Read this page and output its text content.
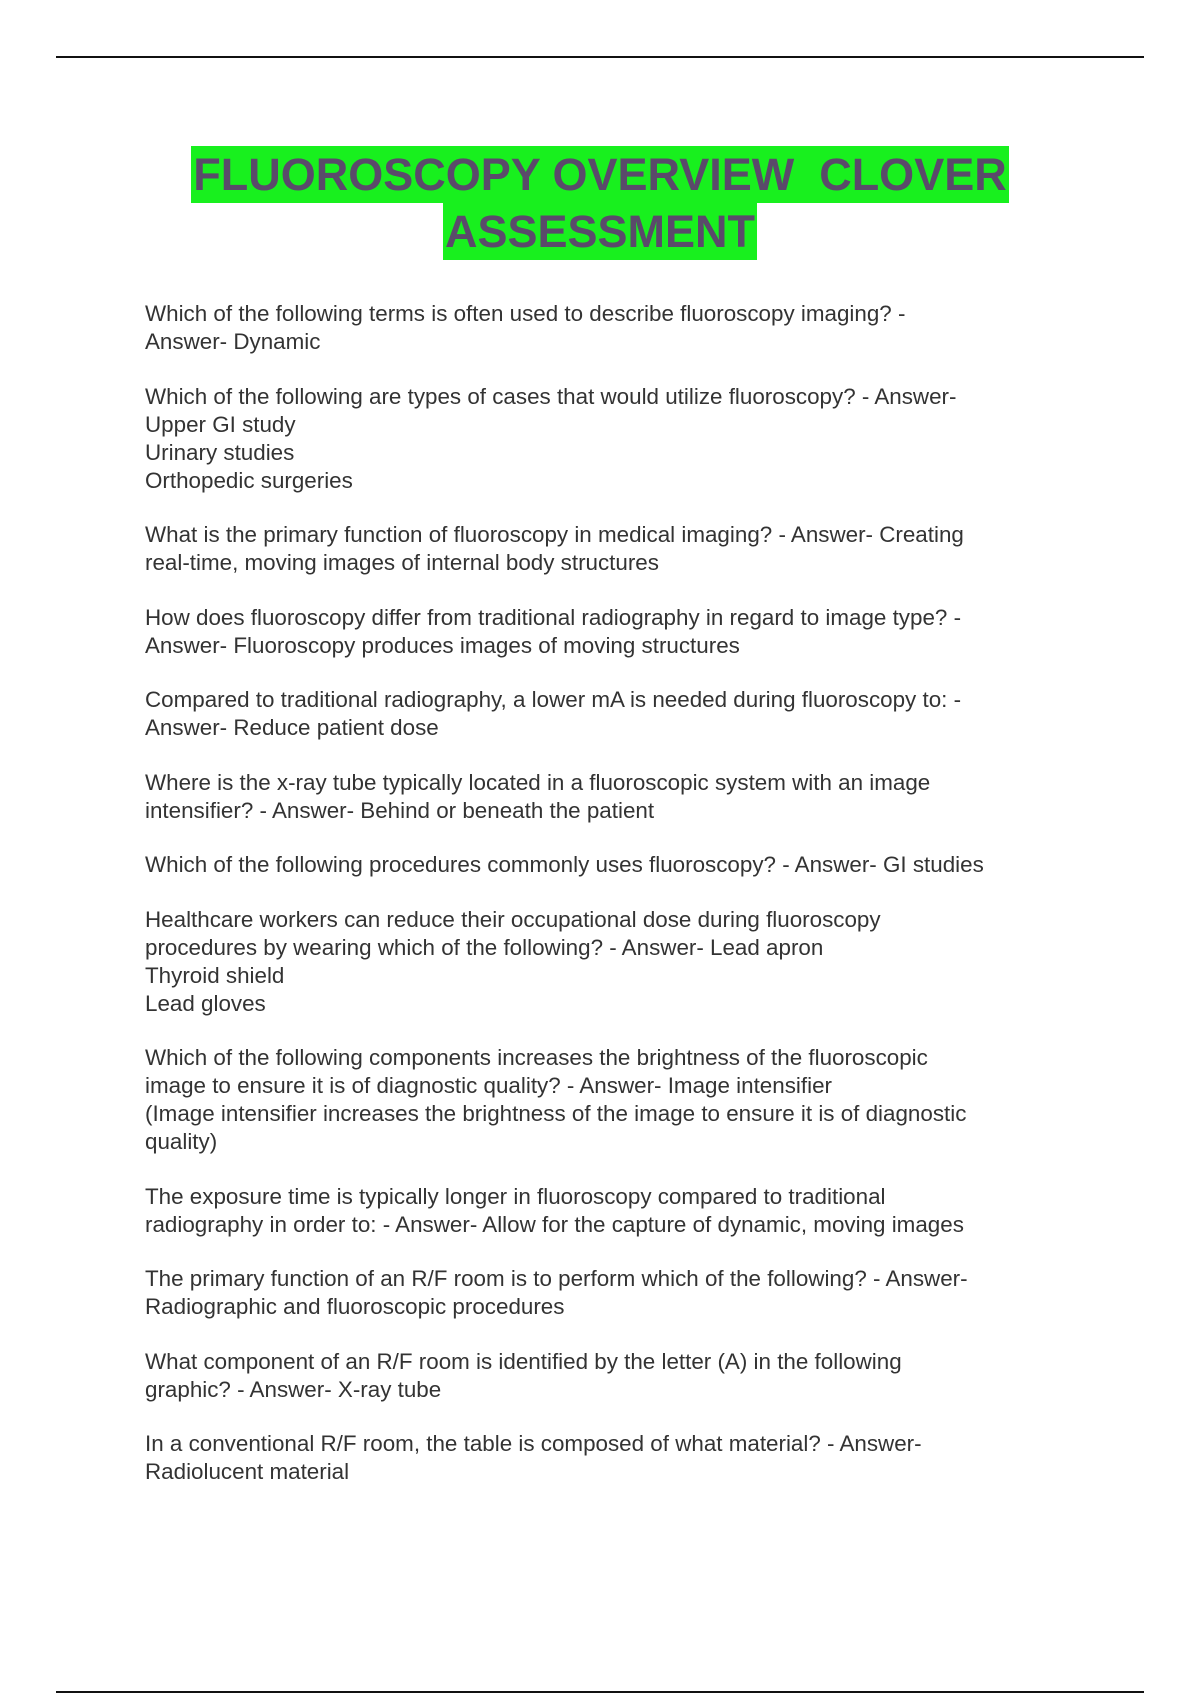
FLUOROSCOPY OVERVIEW  CLOVER
ASSESSMENT
Which of the following terms is often used to describe fluoroscopy imaging? -
Answer- Dynamic
Which of the following are types of cases that would utilize fluoroscopy? - Answer-
Upper GI study
Urinary studies
Orthopedic surgeries
What is the primary function of fluoroscopy in medical imaging? - Answer- Creating
real-time, moving images of internal body structures
How does fluoroscopy differ from traditional radiography in regard to image type? -
Answer- Fluoroscopy produces images of moving structures
Compared to traditional radiography, a lower mA is needed during fluoroscopy to: -
Answer- Reduce patient dose
Where is the x-ray tube typically located in a fluoroscopic system with an image
intensifier? - Answer- Behind or beneath the patient
Which of the following procedures commonly uses fluoroscopy? - Answer- GI studies
Healthcare workers can reduce their occupational dose during fluoroscopy
procedures by wearing which of the following? - Answer- Lead apron
Thyroid shield
Lead gloves
Which of the following components increases the brightness of the fluoroscopic
image to ensure it is of diagnostic quality? - Answer- Image intensifier
(Image intensifier increases the brightness of the image to ensure it is of diagnostic
quality)
The exposure time is typically longer in fluoroscopy compared to traditional
radiography in order to: - Answer- Allow for the capture of dynamic, moving images
The primary function of an R/F room is to perform which of the following? - Answer-
Radiographic and fluoroscopic procedures
What component of an R/F room is identified by the letter (A) in the following
graphic? - Answer- X-ray tube
In a conventional R/F room, the table is composed of what material? - Answer-
Radiolucent material
